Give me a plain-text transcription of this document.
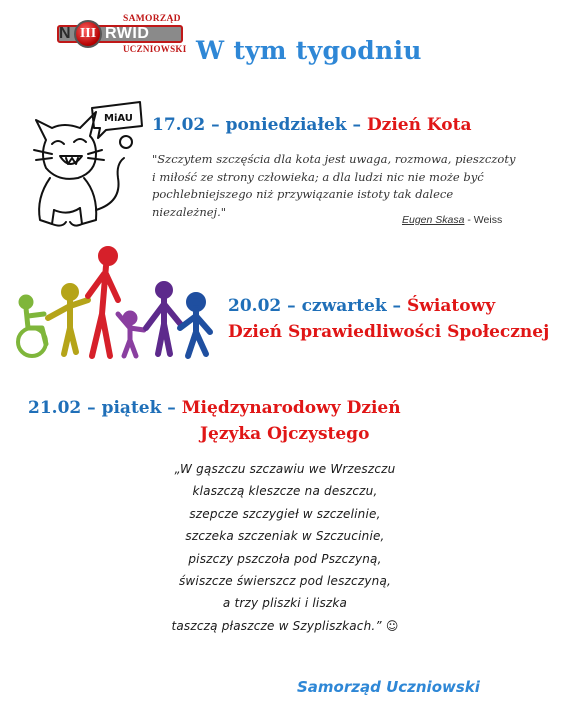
SAMORZĄD
N III RWID
UCZNIOWSKI W tym tygodniu
MiAU 17.02 – poniedziałek – Dzień Kota
"Szczytem szczęścia dla kota jest uwaga, rozmowa, pieszczoty
i miłość ze strony człowieka; a dla ludzi nic nie może być
pochlebniejszego niż przywiązanie istoty tak dalece niezależnej."
Eugen Skasa - Weiss
20.02 – czwartek – Światowy
Dzień Sprawiedliwości Społecznej
21.02 – piątek – Międzynarodowy Dzień
Języka Ojczystego
„W gąszczu szczawiu we Wrzeszczu
klaszczą kleszcze na deszczu,
szepcze szczygieł w szczelinie,
szczeka szczeniak w Szczucinie,
piszczy pszczoła pod Pszczyną,
świszcze świerszcz pod leszczyną,
a trzy pliszki i liszka
taszczą płaszcze w Szypliszkach.” ☺
Samorząd Uczniowski
